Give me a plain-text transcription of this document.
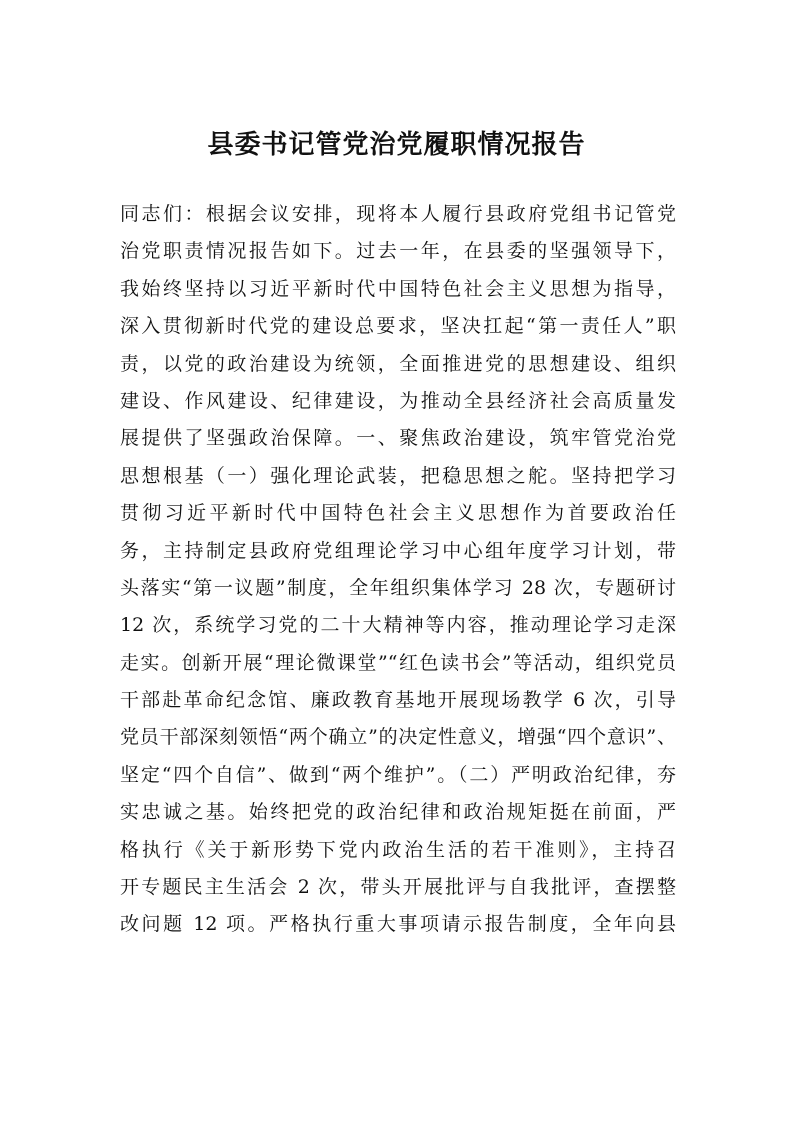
县委书记管党治党履职情况报告
同志们：根据会议安排，现将本人履行县政府党组书记管党
治党职责情况报告如下。过去一年，在县委的坚强领导下，
我始终坚持以习近平新时代中国特色社会主义思想为指导，
深入贯彻新时代党的建设总要求，坚决扛起“第一责任人”职
责，以党的政治建设为统领，全面推进党的思想建设、组织
建设、作风建设、纪律建设，为推动全县经济社会高质量发
展提供了坚强政治保障。一、聚焦政治建设，筑牢管党治党
思想根基（一）强化理论武装，把稳思想之舵。坚持把学习
贯彻习近平新时代中国特色社会主义思想作为首要政治任
务，主持制定县政府党组理论学习中心组年度学习计划，带
头落实“第一议题”制度，全年组织集体学习 28 次，专题研讨
12 次，系统学习党的二十大精神等内容，推动理论学习走深
走实。创新开展“理论微课堂”“红色读书会”等活动，组织党员
干部赴革命纪念馆、廉政教育基地开展现场教学 6 次，引导
党员干部深刻领悟“两个确立”的决定性意义，增强“四个意识”、
坚定“四个自信”、做到“两个维护”。（二）严明政治纪律，夯
实忠诚之基。始终把党的政治纪律和政治规矩挺在前面，严
格执行《关于新形势下党内政治生活的若干准则》，主持召
开专题民主生活会 2 次，带头开展批评与自我批评，查摆整
改问题 12 项。严格执行重大事项请示报告制度，全年向县
